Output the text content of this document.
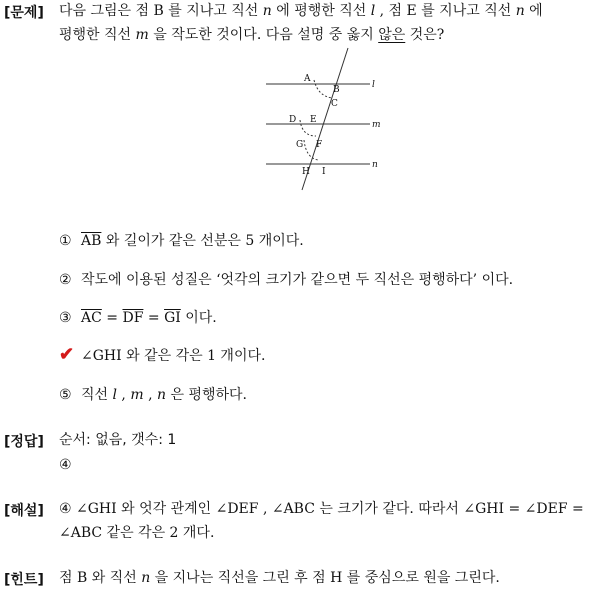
[문제] 다음 그림은 점 B 를 지나고 직선 n 에 평행한 직선 l , 점 E 를 지나고 직선 n 에
평행한 직선 m 을 작도한 것이다. 다음 설명 중 옳지 않은 것은?
A
B
C
D E
G F
H I
l
m
n
① $\overline{AB}$ 와 길이가 같은 선분은 5 개이다.
② 작도에 이용된 성질은 ‘엇각의 크기가 같으면 두 직선은 평행하다’ 이다.
③ $\overline{AC} = \overline{DF} = \overline{GI}$ 이다.
✔ ∠GHI 와 같은 각은 1 개이다.
⑤ 직선 l , m , n 은 평행하다.
[정답] 순서: 없음, 갯수: 1
④
[해설] ④ ∠GHI 와 엇각 관계인 ∠DEF , ∠ABC 는 크기가 같다. 따라서 ∠GHI = ∠DEF =
∠ABC 같은 각은 2 개다.
[힌트] 점 B 와 직선 n 을 지나는 직선을 그린 후 점 H 를 중심으로 원을 그린다.
